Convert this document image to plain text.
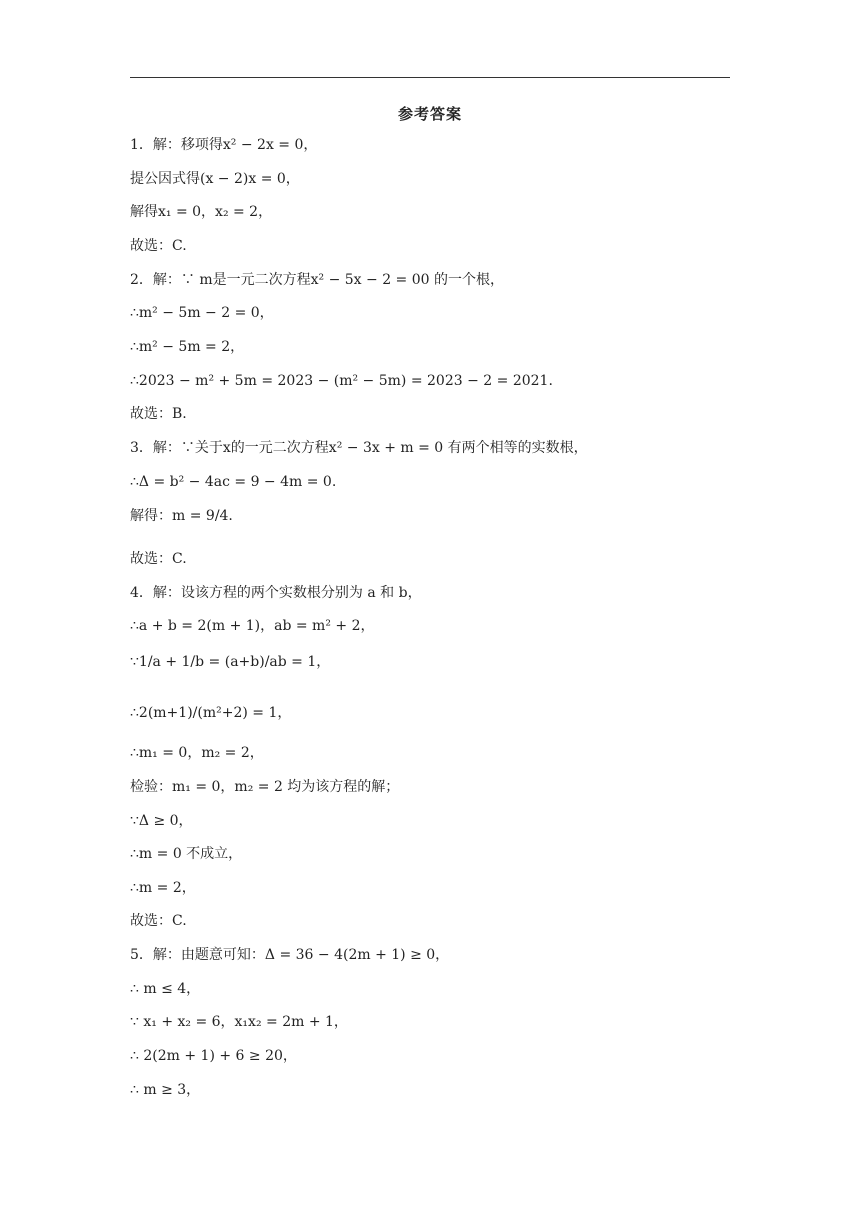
参考答案
1．解：移项得x² − 2x = 0，
提公因式得(x − 2)x = 0，
解得x₁ = 0，x₂ = 2，
故选：C.
2．解：∵ m是一元二次方程x² − 5x − 2 = 00 的一个根，
∴m² − 5m − 2 = 0，
∴m² − 5m = 2，
∴2023 − m² + 5m = 2023 − (m² − 5m) = 2023 − 2 = 2021.
故选：B.
3．解：∵关于x的一元二次方程x² − 3x + m = 0 有两个相等的实数根，
∴Δ = b² − 4ac = 9 − 4m = 0.
解得：m = 9/4.
故选：C.
4．解：设该方程的两个实数根分别为 a 和 b，
∴a + b = 2(m + 1)，ab = m² + 2，
∵1/a + 1/b = (a+b)/ab = 1，
∴2(m+1)/(m²+2) = 1，
∴m₁ = 0，m₂ = 2，
检验：m₁ = 0，m₂ = 2 均为该方程的解；
∵Δ ≥ 0，
∴m = 0 不成立，
∴m = 2，
故选：C.
5．解：由题意可知：Δ = 36 − 4(2m + 1) ≥ 0，
∴ m ≤ 4，
∵ x₁ + x₂ = 6，x₁x₂ = 2m + 1，
∴ 2(2m + 1) + 6 ≥ 20，
∴ m ≥ 3，
